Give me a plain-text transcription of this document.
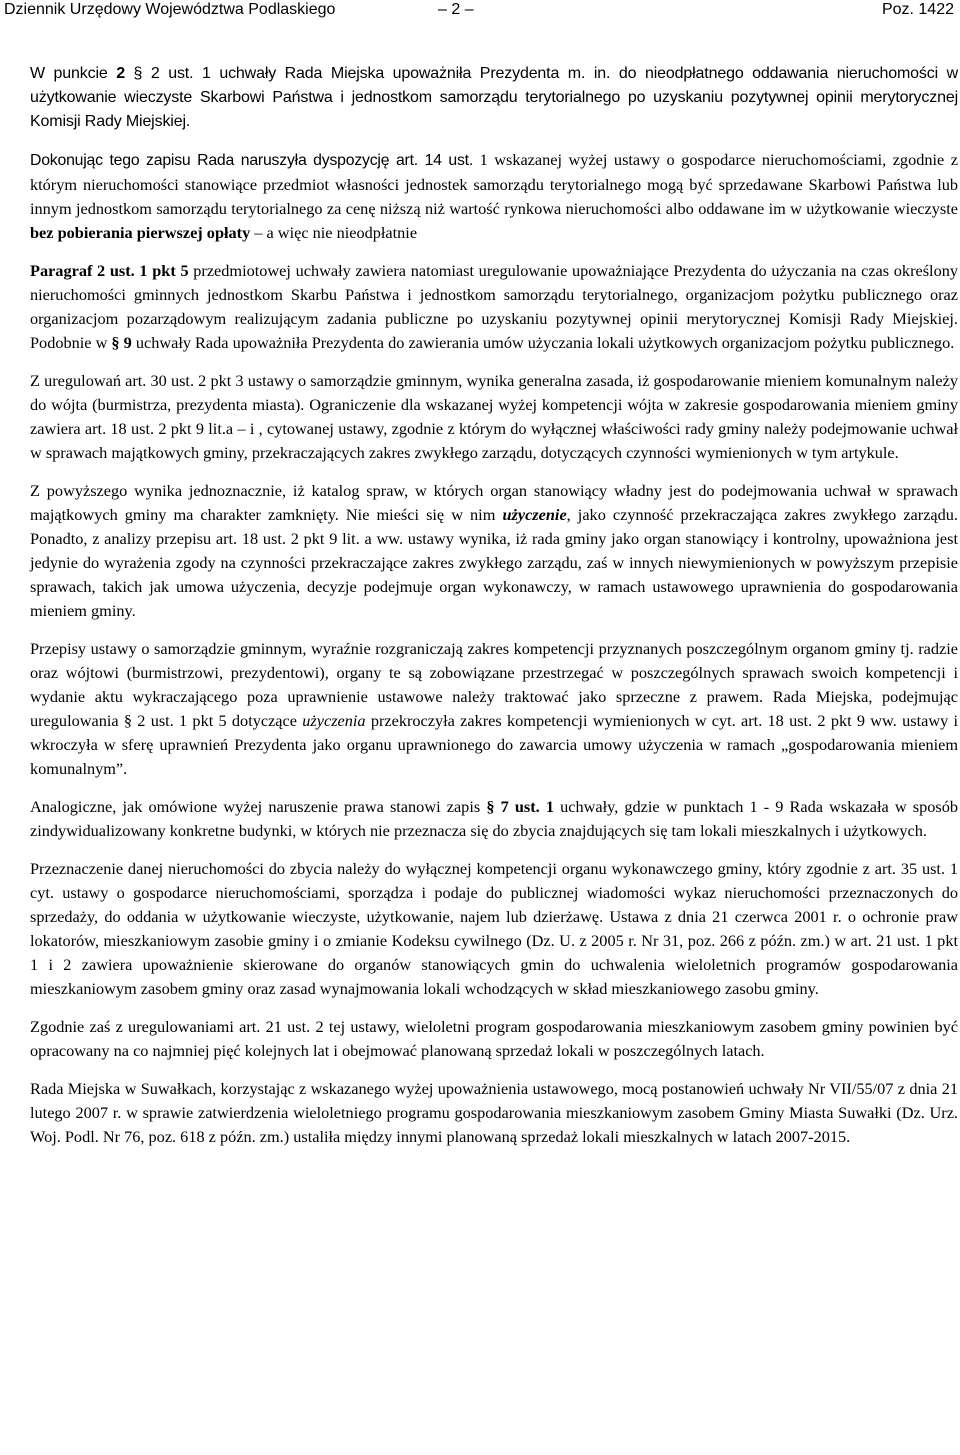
Dziennik Urzędowy Województwa Podlaskiego	– 2 –	Poz. 1422

W punkcie 2 § 2 ust. 1 uchwały Rada Miejska upoważniła Prezydenta m. in. do nieodpłatnego oddawania nieruchomości w użytkowanie wieczyste Skarbowi Państwa i jednostkom samorządu terytorialnego po uzyskaniu pozytywnej opinii merytorycznej Komisji Rady Miejskiej.

Dokonując tego zapisu Rada naruszyła dyspozycję art. 14 ust. 1 wskazanej wyżej ustawy o gospodarce nieruchomościami, zgodnie z którym nieruchomości stanowiące przedmiot własności jednostek samorządu terytorialnego mogą być sprzedawane Skarbowi Państwa lub innym jednostkom samorządu terytorialnego za cenę niższą niż wartość rynkowa nieruchomości albo oddawane im w użytkowanie wieczyste bez pobierania pierwszej opłaty – a więc nie nieodpłatnie

Paragraf 2 ust. 1 pkt 5 przedmiotowej uchwały zawiera natomiast uregulowanie upoważniające Prezydenta do użyczania na czas określony nieruchomości gminnych jednostkom Skarbu Państwa i jednostkom samorządu terytorialnego, organizacjom pożytku publicznego oraz organizacjom pozarządowym realizującym zadania publiczne po uzyskaniu pozytywnej opinii merytorycznej Komisji Rady Miejskiej. Podobnie w § 9 uchwały Rada upoważniła Prezydenta do zawierania umów użyczania lokali użytkowych organizacjom pożytku publicznego.

Z uregulowań art. 30 ust. 2 pkt 3 ustawy o samorządzie gminnym, wynika generalna zasada, iż gospodarowanie mieniem komunalnym należy do wójta (burmistrza, prezydenta miasta). Ograniczenie dla wskazanej wyżej kompetencji wójta w zakresie gospodarowania mieniem gminy zawiera art. 18 ust. 2 pkt 9 lit.a – i , cytowanej ustawy, zgodnie z którym do wyłącznej właściwości rady gminy należy podejmowanie uchwał w sprawach majątkowych gminy, przekraczających zakres zwykłego zarządu, dotyczących czynności wymienionych w tym artykule.

Z powyższego wynika jednoznacznie, iż katalog spraw, w których organ stanowiący władny jest do podejmowania uchwał w sprawach majątkowych gminy ma charakter zamknięty. Nie mieści się w nim użyczenie, jako czynność przekraczająca zakres zwykłego zarządu. Ponadto, z analizy przepisu art. 18 ust. 2 pkt 9 lit. a ww. ustawy wynika, iż rada gminy jako organ stanowiący i kontrolny, upoważniona jest jedynie do wyrażenia zgody na czynności przekraczające zakres zwykłego zarządu, zaś w innych niewymienionych w powyższym przepisie sprawach, takich jak umowa użyczenia, decyzje podejmuje organ wykonawczy, w ramach ustawowego uprawnienia do gospodarowania mieniem gminy.

Przepisy ustawy o samorządzie gminnym, wyraźnie rozgraniczają zakres kompetencji przyznanych poszczególnym organom gminy tj. radzie oraz wójtowi (burmistrzowi, prezydentowi), organy te są zobowiązane przestrzegać w poszczególnych sprawach swoich kompetencji i wydanie aktu wykraczającego poza uprawnienie ustawowe należy traktować jako sprzeczne z prawem. Rada Miejska, podejmując uregulowania § 2 ust. 1 pkt 5 dotyczące użyczenia przekroczyła zakres kompetencji wymienionych w cyt. art. 18 ust. 2 pkt 9 ww. ustawy i wkroczyła w sferę uprawnień Prezydenta jako organu uprawnionego do zawarcia umowy użyczenia w ramach „gospodarowania mieniem komunalnym”.

Analogiczne, jak omówione wyżej naruszenie prawa stanowi zapis § 7 ust. 1 uchwały, gdzie w punktach 1 - 9 Rada wskazała w sposób zindywidualizowany konkretne budynki, w których nie przeznacza się do zbycia znajdujących się tam lokali mieszkalnych i użytkowych.

Przeznaczenie danej nieruchomości do zbycia należy do wyłącznej kompetencji organu wykonawczego gminy, który zgodnie z art. 35 ust. 1 cyt. ustawy o gospodarce nieruchomościami, sporządza i podaje do publicznej wiadomości wykaz nieruchomości przeznaczonych do sprzedaży, do oddania w użytkowanie wieczyste, użytkowanie, najem lub dzierżawę. Ustawa z dnia 21 czerwca 2001 r. o ochronie praw lokatorów, mieszkaniowym zasobie gminy i o zmianie Kodeksu cywilnego (Dz. U. z 2005 r. Nr 31, poz. 266 z późn. zm.) w art. 21 ust. 1 pkt 1 i 2 zawiera upoważnienie skierowane do organów stanowiących gmin do uchwalenia wieloletnich programów gospodarowania mieszkaniowym zasobem gminy oraz zasad wynajmowania lokali wchodzących w skład mieszkaniowego zasobu gminy.

Zgodnie zaś z uregulowaniami art. 21 ust. 2 tej ustawy, wieloletni program gospodarowania mieszkaniowym zasobem gminy powinien być opracowany na co najmniej pięć kolejnych lat i obejmować planowaną sprzedaż lokali w poszczególnych latach.

Rada Miejska w Suwałkach, korzystając z wskazanego wyżej upoważnienia ustawowego, mocą postanowień uchwały Nr VII/55/07 z dnia 21 lutego 2007 r. w sprawie zatwierdzenia wieloletniego programu gospodarowania mieszkaniowym zasobem Gminy Miasta Suwałki (Dz. Urz. Woj. Podl. Nr 76, poz. 618 z późn. zm.) ustaliła między innymi planowaną sprzedaż lokali mieszkalnych w latach 2007-2015.
